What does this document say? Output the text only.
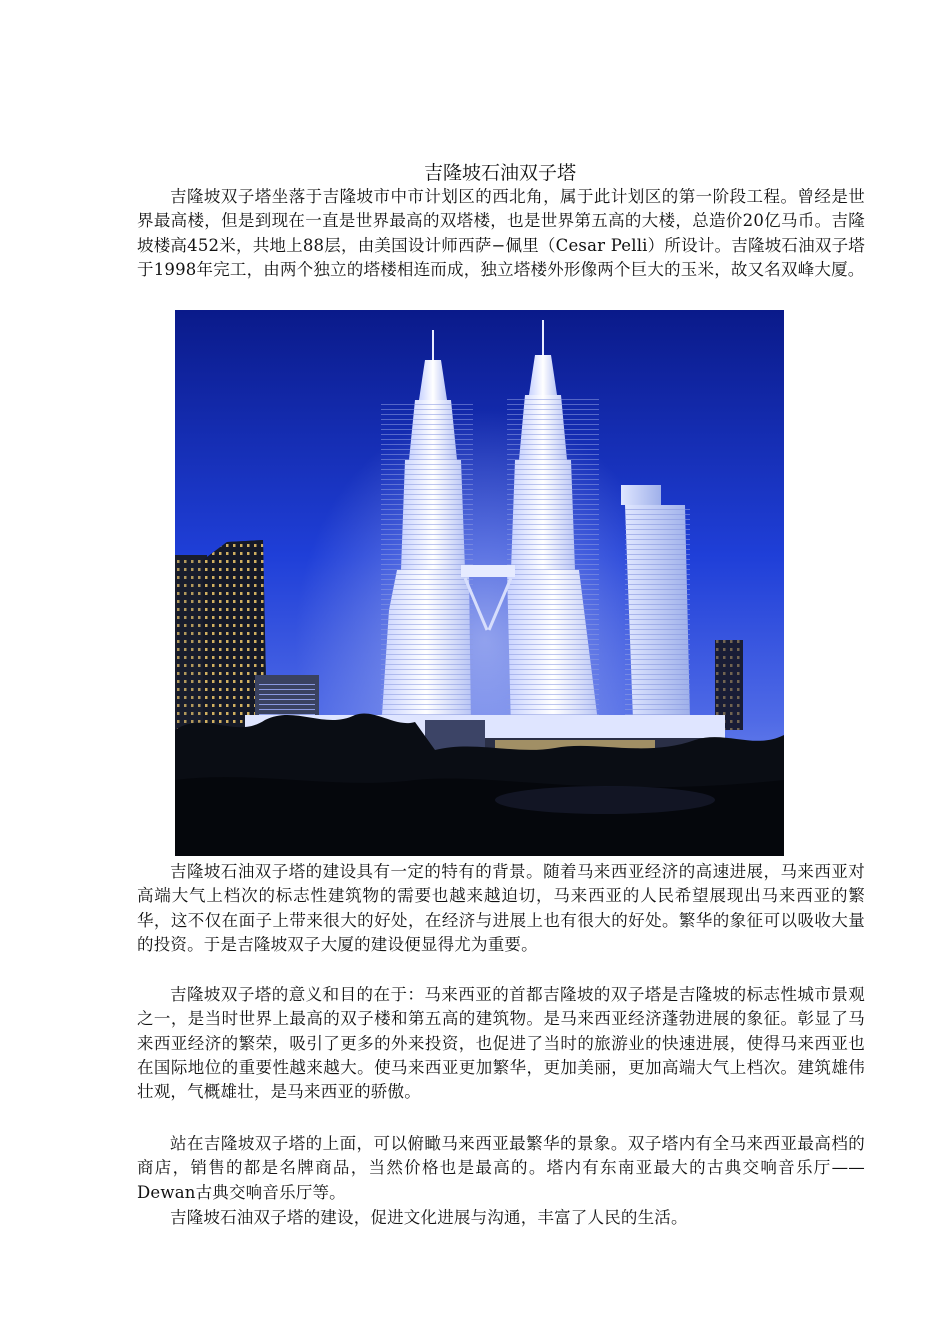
吉隆坡石油双子塔

吉隆坡双子塔坐落于吉隆坡市中市计划区的西北角，属于此计划区的第一阶段工程。曾经是世界最高楼，但是到现在一直是世界最高的双塔楼，也是世界第五高的大楼，总造价20亿马币。吉隆坡楼高452米，共地上88层，由美国设计师西萨−佩里（Cesar Pelli）所设计。吉隆坡石油双子塔于1998年完工，由两个独立的塔楼相连而成，独立塔楼外形像两个巨大的玉米，故又名双峰大厦。

吉隆坡石油双子塔的建设具有一定的特有的背景。随着马来西亚经济的高速进展，马来西亚对高端大气上档次的标志性建筑物的需要也越来越迫切，马来西亚的人民希望展现出马来西亚的繁华，这不仅在面子上带来很大的好处，在经济与进展上也有很大的好处。繁华的象征可以吸收大量的投资。于是吉隆坡双子大厦的建设便显得尤为重要。

吉隆坡双子塔的意义和目的在于：马来西亚的首都吉隆坡的双子塔是吉隆坡的标志性城市景观之一，是当时世界上最高的双子楼和第五高的建筑物。是马来西亚经济蓬勃进展的象征。彰显了马来西亚经济的繁荣，吸引了更多的外来投资，也促进了当时的旅游业的快速进展，使得马来西亚也在国际地位的重要性越来越大。使马来西亚更加繁华，更加美丽，更加高端大气上档次。建筑雄伟壮观，气概雄壮，是马来西亚的骄傲。

站在吉隆坡双子塔的上面，可以俯瞰马来西亚最繁华的景象。双子塔内有全马来西亚最高档的商店，销售的都是名牌商品，当然价格也是最高的。塔内有东南亚最大的古典交响音乐厅——Dewan古典交响音乐厅等。

吉隆坡石油双子塔的建设，促进文化进展与沟通，丰富了人民的生活。
